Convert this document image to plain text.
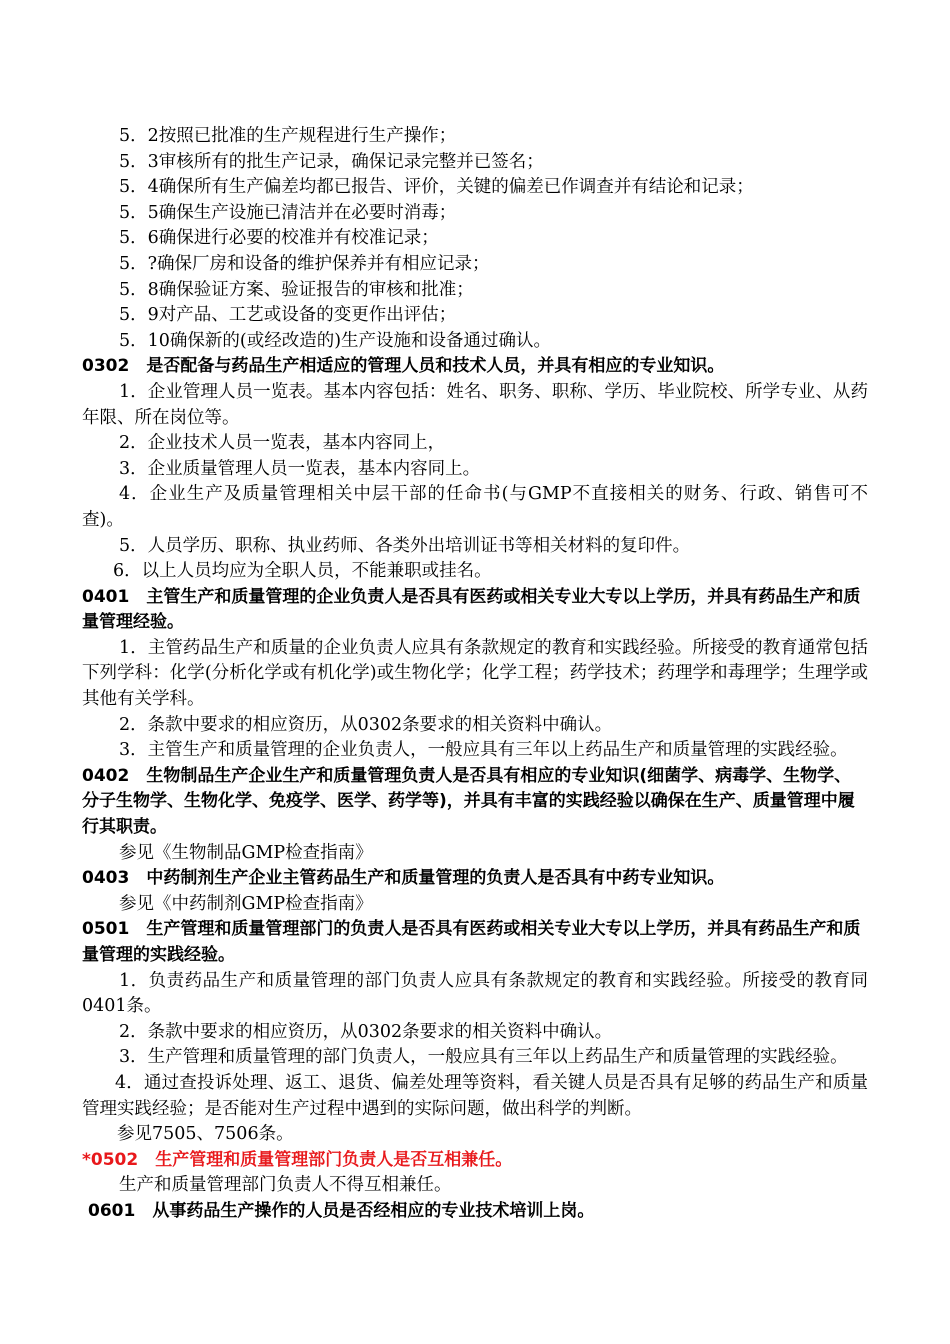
5．2按照已批准的生产规程进行生产操作；
5．3审核所有的批生产记录，确保记录完整并已签名；
5．4确保所有生产偏差均都已报告、评价，关键的偏差已作调查并有结论和记录；
5．5确保生产设施已清洁并在必要时消毒；
5．6确保进行必要的校准并有校准记录；
5．?确保厂房和设备的维护保养并有相应记录；
5．8确保验证方案、验证报告的审核和批准；
5．9对产品、工艺或设备的变更作出评估；
5．10确保新的(或经改造的)生产设施和设备通过确认。
0302　是否配备与药品生产相适应的管理人员和技术人员，并具有相应的专业知识。
1．企业管理人员一览表。基本内容包括：姓名、职务、职称、学历、毕业院校、所学专业、从药年限、所在岗位等。
2．企业技术人员一览表，基本内容同上，
3．企业质量管理人员一览表，基本内容同上。
4．企业生产及质量管理相关中层干部的任命书(与GMP不直接相关的财务、行政、销售可不查)。
5．人员学历、职称、执业药师、各类外出培训证书等相关材料的复印件。
6．以上人员均应为全职人员，不能兼职或挂名。
0401　主管生产和质量管理的企业负责人是否具有医药或相关专业大专以上学历，并具有药品生产和质量管理经验。
1．主管药品生产和质量的企业负责人应具有条款规定的教育和实践经验。所接受的教育通常包括下列学科：化学(分析化学或有机化学)或生物化学；化学工程；药学技术；药理学和毒理学；生理学或其他有关学科。
2．条款中要求的相应资历，从0302条要求的相关资料中确认。
3．主管生产和质量管理的企业负责人，一般应具有三年以上药品生产和质量管理的实践经验。
0402　生物制品生产企业生产和质量管理负责人是否具有相应的专业知识(细菌学、病毒学、生物学、分子生物学、生物化学、免疫学、医学、药学等)，并具有丰富的实践经验以确保在生产、质量管理中履行其职责。
参见《生物制品GMP检查指南》
0403　中药制剂生产企业主管药品生产和质量管理的负责人是否具有中药专业知识。
参见《中药制剂GMP检查指南》
0501　生产管理和质量管理部门的负责人是否具有医药或相关专业大专以上学历，并具有药品生产和质量管理的实践经验。
1．负责药品生产和质量管理的部门负责人应具有条款规定的教育和实践经验。所接受的教育同0401条。
2．条款中要求的相应资历，从0302条要求的相关资料中确认。
3．生产管理和质量管理的部门负责人，一般应具有三年以上药品生产和质量管理的实践经验。
4．通过查投诉处理、返工、退货、偏差处理等资料，看关键人员是否具有足够的药品生产和质量管理实践经验；是否能对生产过程中遇到的实际问题，做出科学的判断。
参见7505、7506条。
*0502　生产管理和质量管理部门负责人是否互相兼任。
生产和质量管理部门负责人不得互相兼任。
0601　从事药品生产操作的人员是否经相应的专业技术培训上岗。
